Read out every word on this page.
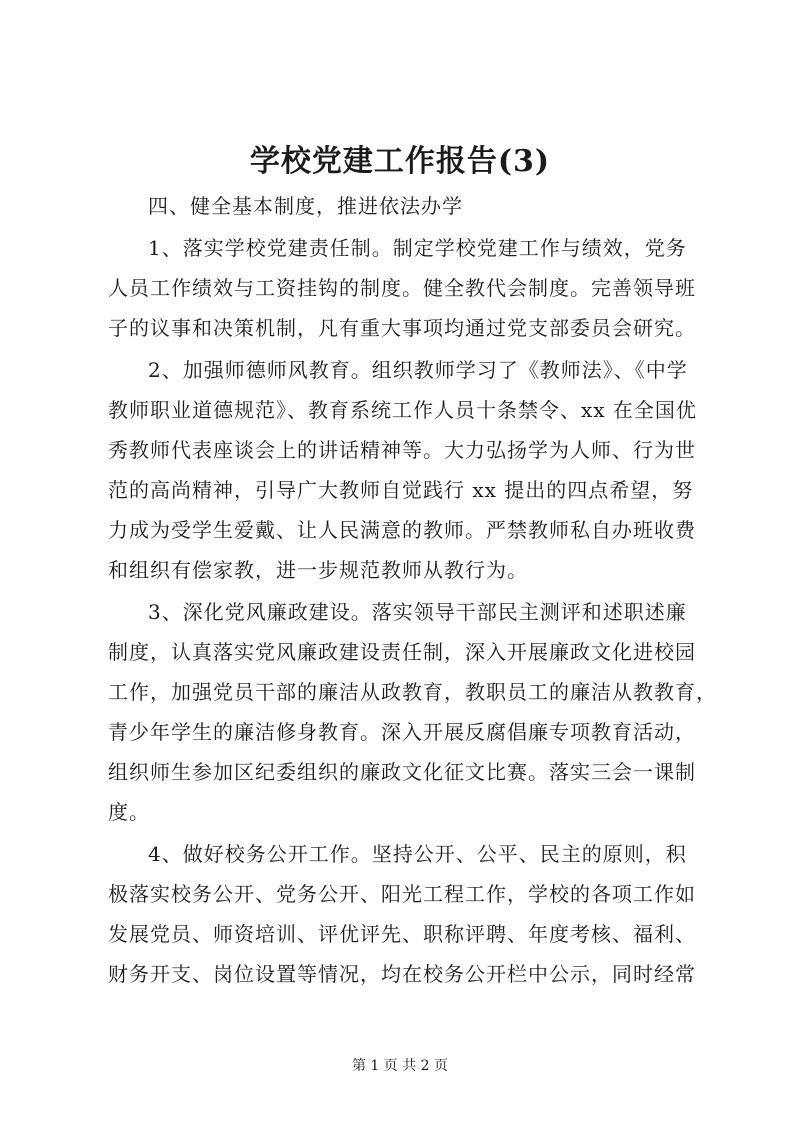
学校党建工作报告(3)
四、健全基本制度，推进依法办学
1、落实学校党建责任制。制定学校党建工作与绩效，党务
人员工作绩效与工资挂钩的制度。健全教代会制度。完善领导班
子的议事和决策机制，凡有重大事项均通过党支部委员会研究。
2、加强师德师风教育。组织教师学习了《教师法》、《中学
教师职业道德规范》、教育系统工作人员十条禁令、xx 在全国优
秀教师代表座谈会上的讲话精神等。大力弘扬学为人师、行为世
范的高尚精神，引导广大教师自觉践行 xx 提出的四点希望，努
力成为受学生爱戴、让人民满意的教师。严禁教师私自办班收费
和组织有偿家教，进一步规范教师从教行为。
3、深化党风廉政建设。落实领导干部民主测评和述职述廉
制度，认真落实党风廉政建设责任制，深入开展廉政文化进校园
工作，加强党员干部的廉洁从政教育，教职员工的廉洁从教教育，
青少年学生的廉洁修身教育。深入开展反腐倡廉专项教育活动，
组织师生参加区纪委组织的廉政文化征文比赛。落实三会一课制
度。
4、做好校务公开工作。坚持公开、公平、民主的原则，积
极落实校务公开、党务公开、阳光工程工作，学校的各项工作如
发展党员、师资培训、评优评先、职称评聘、年度考核、福利、
财务开支、岗位设置等情况，均在校务公开栏中公示，同时经常
第 1 页 共 2 页
